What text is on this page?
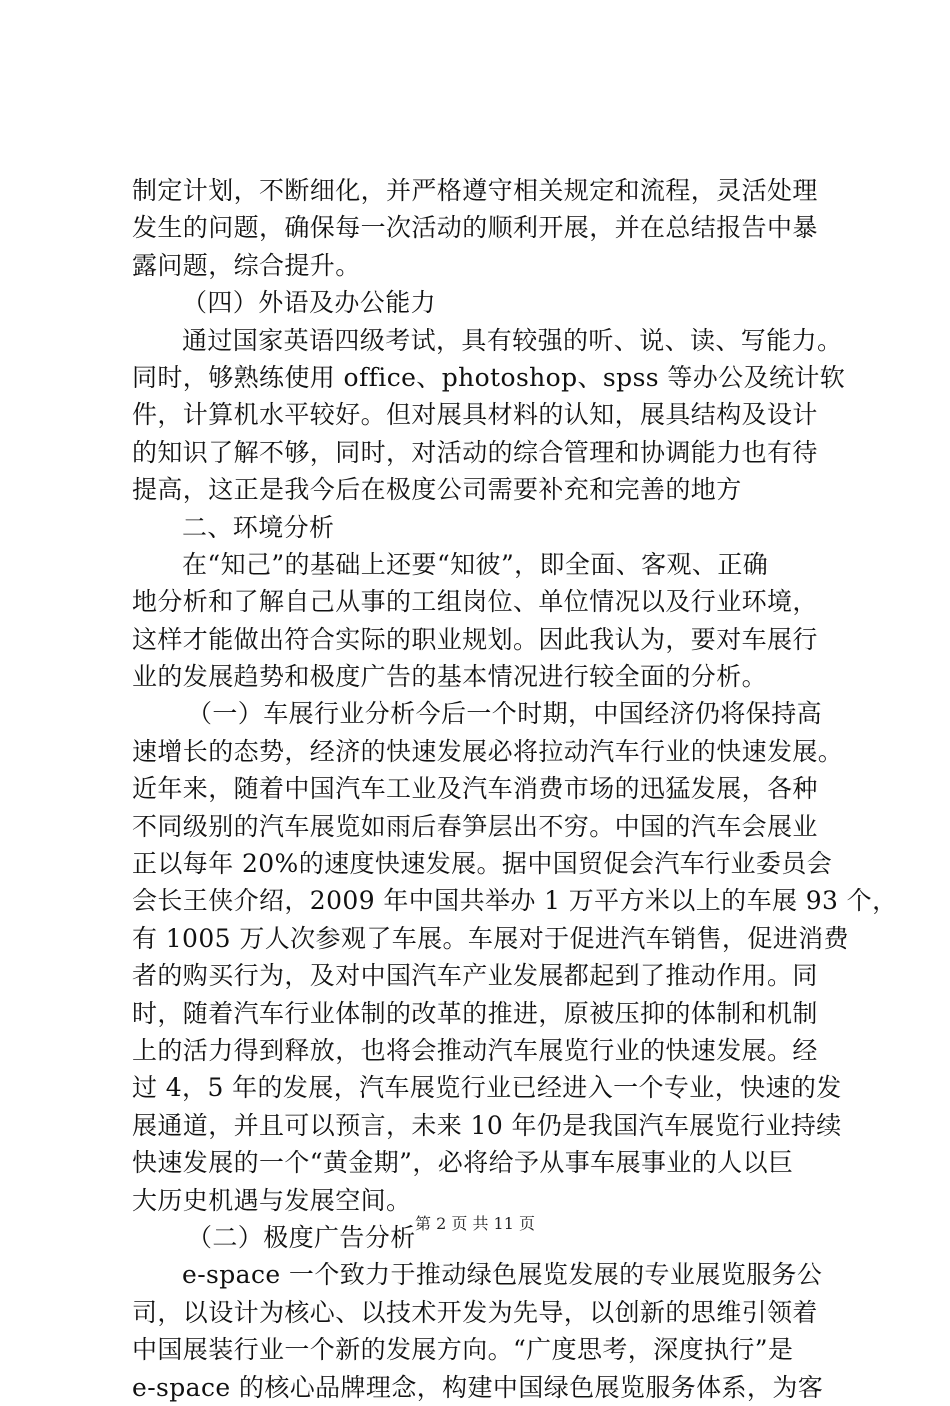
制定计划，不断细化，并严格遵守相关规定和流程，灵活处理
发生的问题，确保每一次活动的顺利开展，并在总结报告中暴
露问题，综合提升。
（四）外语及办公能力
通过国家英语四级考试，具有较强的听、说、读、写能力。
同时，够熟练使用 office、photoshop、spss 等办公及统计软
件，计算机水平较好。但对展具材料的认知，展具结构及设计
的知识了解不够，同时，对活动的综合管理和协调能力也有待
提高，这正是我今后在极度公司需要补充和完善的地方
二、环境分析
在“知己”的基础上还要“知彼”，即全面、客观、正确
地分析和了解自己从事的工组岗位、单位情况以及行业环境，
这样才能做出符合实际的职业规划。因此我认为，要对车展行
业的发展趋势和极度广告的基本情况进行较全面的分析。
（一）车展行业分析今后一个时期，中国经济仍将保持高
速增长的态势，经济的快速发展必将拉动汽车行业的快速发展。
近年来，随着中国汽车工业及汽车消费市场的迅猛发展，各种
不同级别的汽车展览如雨后春笋层出不穷。中国的汽车会展业
正以每年 20%的速度快速发展。据中国贸促会汽车行业委员会
会长王侠介绍，2009 年中国共举办 1 万平方米以上的车展 93 个，
有 1005 万人次参观了车展。车展对于促进汽车销售，促进消费
者的购买行为，及对中国汽车产业发展都起到了推动作用。同
时，随着汽车行业体制的改革的推进，原被压抑的体制和机制
上的活力得到释放，也将会推动汽车展览行业的快速发展。经
过 4，5 年的发展，汽车展览行业已经进入一个专业，快速的发
展通道，并且可以预言，未来 10 年仍是我国汽车展览行业持续
快速发展的一个“黄金期”，必将给予从事车展事业的人以巨
大历史机遇与发展空间。
（二）极度广告分析
e-space 一个致力于推动绿色展览发展的专业展览服务公
司，以设计为核心、以技术开发为先导，以创新的思维引领着
中国展装行业一个新的发展方向。“广度思考，深度执行”是
e-space 的核心品牌理念，构建中国绿色展览服务体系，为客
第 2 页 共 11 页
